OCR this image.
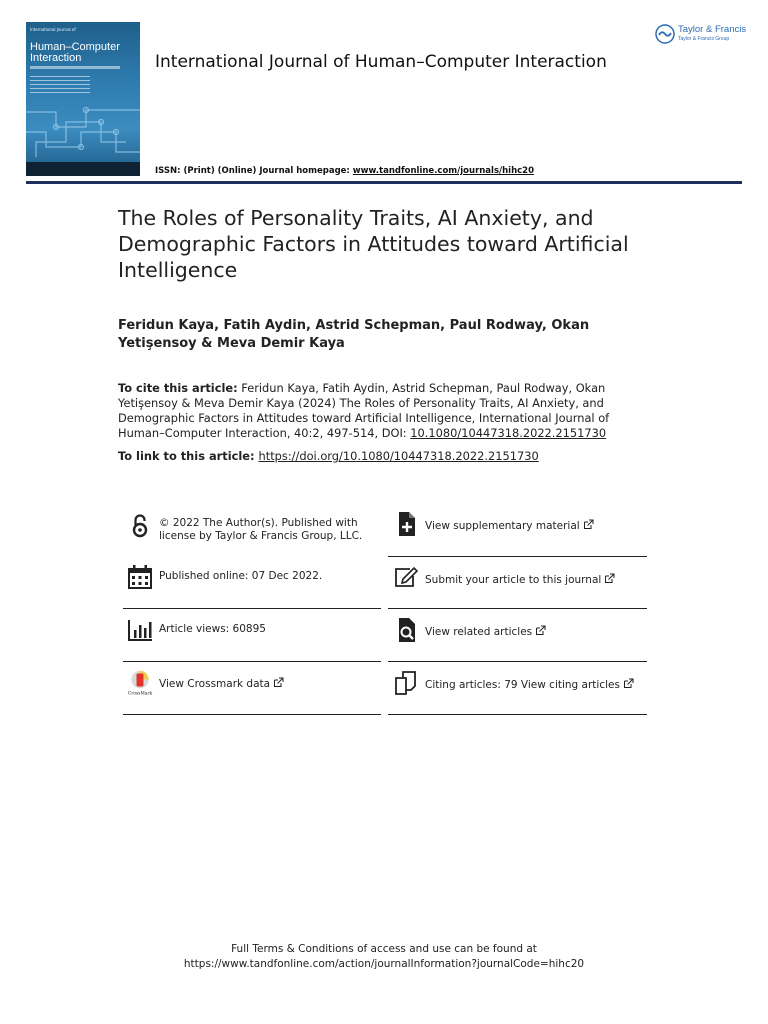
International Journal of
Human–Computer
Interaction	International Journal of Human–Computer Interaction
ISSN: (Print) (Online) Journal homepage: www.tandfonline.com/journals/hihc20
Taylor & Francis
Taylor & Francis Group
The Roles of Personality Traits, AI Anxiety, and Demographic Factors in Attitudes toward Artificial Intelligence
Feridun Kaya, Fatih Aydin, Astrid Schepman, Paul Rodway, Okan Yetişensoy & Meva Demir Kaya
To cite this article: Feridun Kaya, Fatih Aydin, Astrid Schepman, Paul Rodway, Okan Yetişensoy & Meva Demir Kaya (2024) The Roles of Personality Traits, AI Anxiety, and Demographic Factors in Attitudes toward Artificial Intelligence, International Journal of Human–Computer Interaction, 40:2, 497-514, DOI: 10.1080/10447318.2022.2151730
To link to this article: https://doi.org/10.1080/10447318.2022.2151730
© 2022 The Author(s). Published with license by Taylor & Francis Group, LLC.
Published online: 07 Dec 2022.
Article views: 60895
CrossMark
View Crossmark data
View supplementary material
Submit your article to this journal
View related articles
Citing articles: 79 View citing articles
Full Terms & Conditions of access and use can be found at
https://www.tandfonline.com/action/journalInformation?journalCode=hihc20
